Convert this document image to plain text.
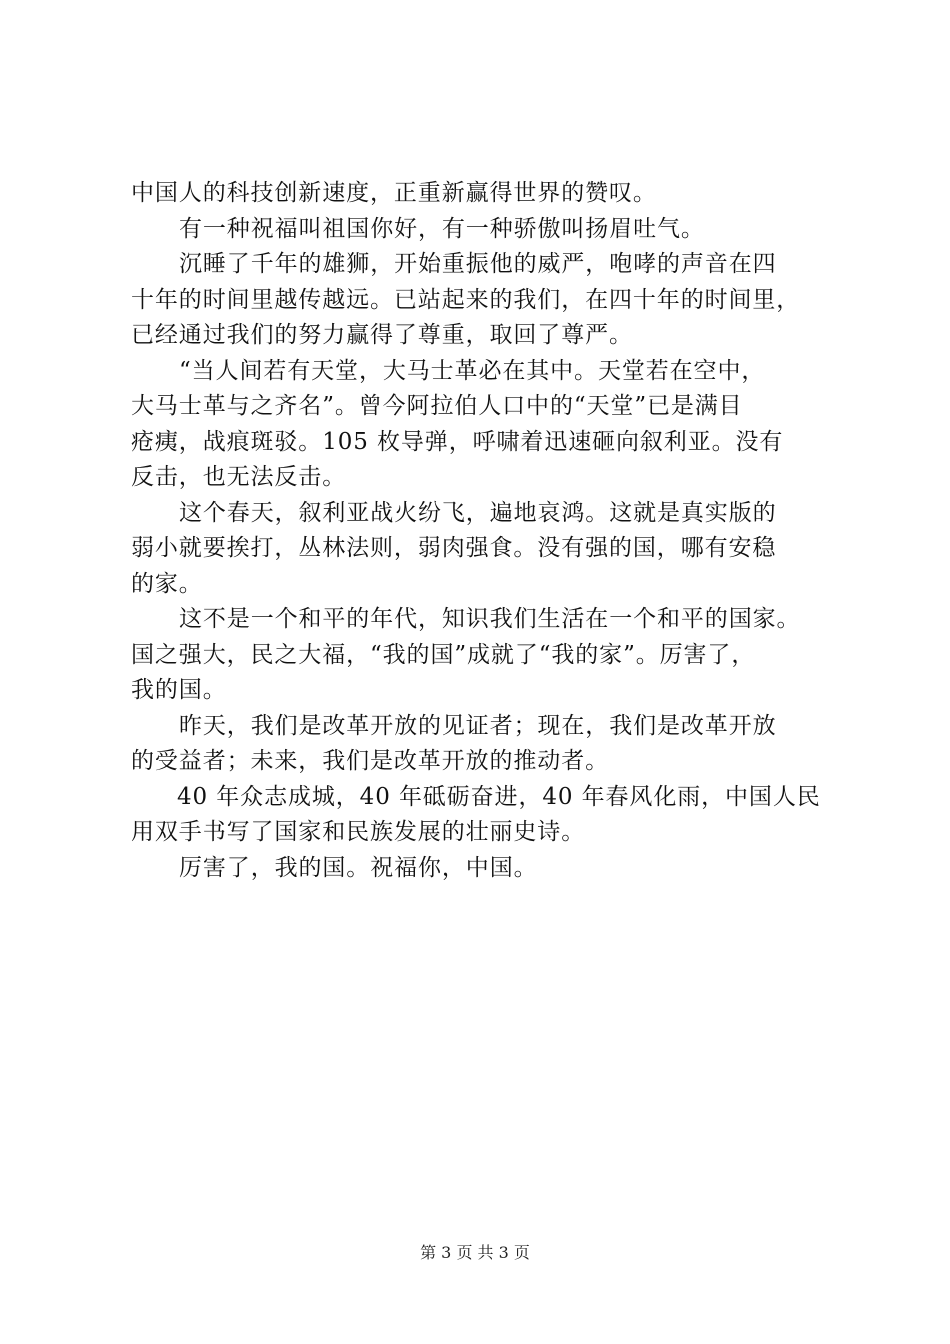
中国人的科技创新速度，正重新赢得世界的赞叹。
有一种祝福叫祖国你好，有一种骄傲叫扬眉吐气。
沉睡了千年的雄狮，开始重振他的威严，咆哮的声音在四
十年的时间里越传越远。已站起来的我们，在四十年的时间里，
已经通过我们的努力赢得了尊重，取回了尊严。
“当人间若有天堂，大马士革必在其中。天堂若在空中，
大马士革与之齐名”。曾今阿拉伯人口中的“天堂”已是满目
疮痍，战痕斑驳。105 枚导弹，呼啸着迅速砸向叙利亚。没有
反击，也无法反击。
这个春天，叙利亚战火纷飞，遍地哀鸿。这就是真实版的
弱小就要挨打，丛林法则，弱肉强食。没有强的国，哪有安稳
的家。
这不是一个和平的年代，知识我们生活在一个和平的国家。
国之强大，民之大福，“我的国”成就了“我的家”。厉害了，
我的国。
昨天，我们是改革开放的见证者；现在，我们是改革开放
的受益者；未来，我们是改革开放的推动者。
40 年众志成城，40 年砥砺奋进，40 年春风化雨，中国人民
用双手书写了国家和民族发展的壮丽史诗。
厉害了，我的国。祝福你，中国。
第 3 页 共 3 页
